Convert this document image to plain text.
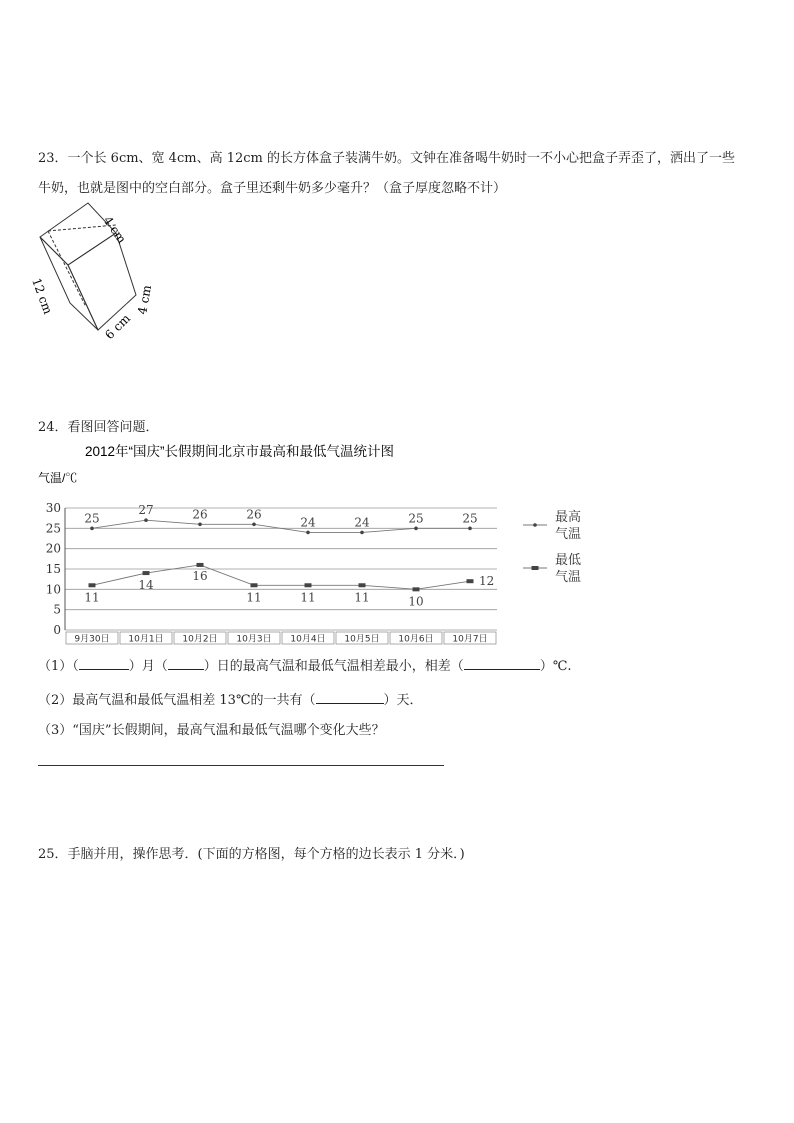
23．一个长 6cm、宽 4cm、高 12cm 的长方体盒子装满牛奶。文钟在准备喝牛奶时一不小心把盒子弄歪了，洒出了一些
牛奶，也就是图中的空白部分。盒子里还剩牛奶多少毫升？（盒子厚度忽略不计）
4 cm
12 cm
6 cm
4 cm
24．看图回答问题．
2012年“国庆”长假期间北京市最高和最低气温统计图
气温/℃
0
5
10
15
20
25
30
9月30日 10月1日 10月2日 10月3日 10月4日 10月5日 10月6日 10月7日
25
27	26	26
24	24	25	25
11
14
16
11	11	11	10
12
最高
气温
最低
气温
（1）（	）月（	）日的最高气温和最低气温相差最小，相差（	）℃.
（2）最高气温和最低气温相差 13℃的一共有（	）天．
（3）“国庆”长假期间，最高气温和最低气温哪个变化大些？
25．手脑并用，操作思考．(下面的方格图，每个方格的边长表示 1 分米．)
